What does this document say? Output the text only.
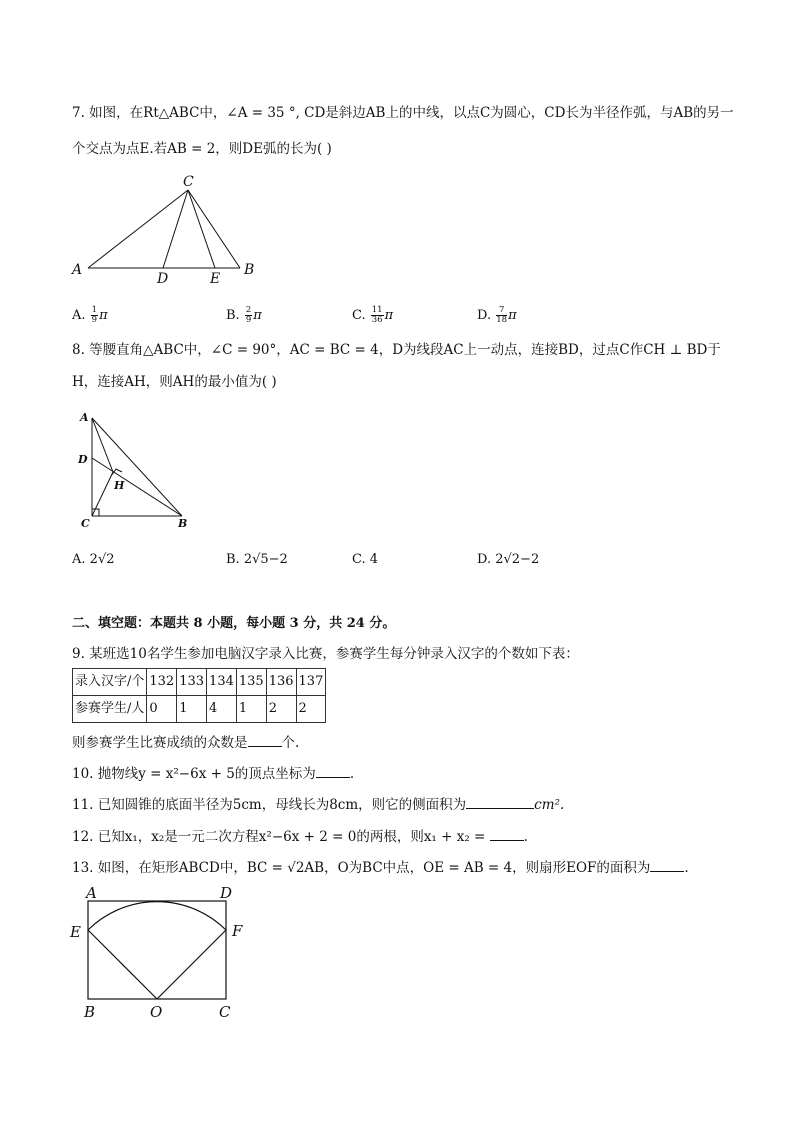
7. 如图，在Rt△ABC中，∠A = 35 °, CD是斜边AB上的中线，以点C为圆心，CD长为半径作弧，与AB的另一
个交点为点E.若AB = 2，则DE弧的长为( )
C
A	B
D	E
A. $\frac{1}{9}$ π	B. $\frac{2}{9}$ π	C. $\frac{11}{36}$ π	D. $\frac{7}{18}$ π
8. 等腰直角△ABC中，∠C = 90°，AC = BC = 4，D为线段AC上一动点，连接BD，过点C作CH ⊥ BD于
H，连接AH，则AH的最小值为( )
A
D
H
C	B
A. 2√2	B. 2√5−2	C. 4	D. 2√2−2
二、填空题：本题共 8 小题，每小题 3 分，共 24 分。
9. 某班选10名学生参加电脑汉字录入比赛，参赛学生每分钟录入汉字的个数如下表：
录入汉字/个	132	133	134	135	136	137
参赛学生/人	0	1	4	1	2	2
则参赛学生比赛成绩的众数是	个.
10. 抛物线y = x²−6x + 5的顶点坐标为	.
11. 已知圆锥的底面半径为5cm，母线长为8cm，则它的侧面积为	cm².
12. 已知x₁，x₂是一元二次方程x²−6x + 2 = 0的两根，则x₁ + x₂ =	.
13. 如图，在矩形ABCD中，BC = √2AB，O为BC中点，OE = AB = 4，则扇形EOF的面积为	.
A	D
E	F
B	O	C
